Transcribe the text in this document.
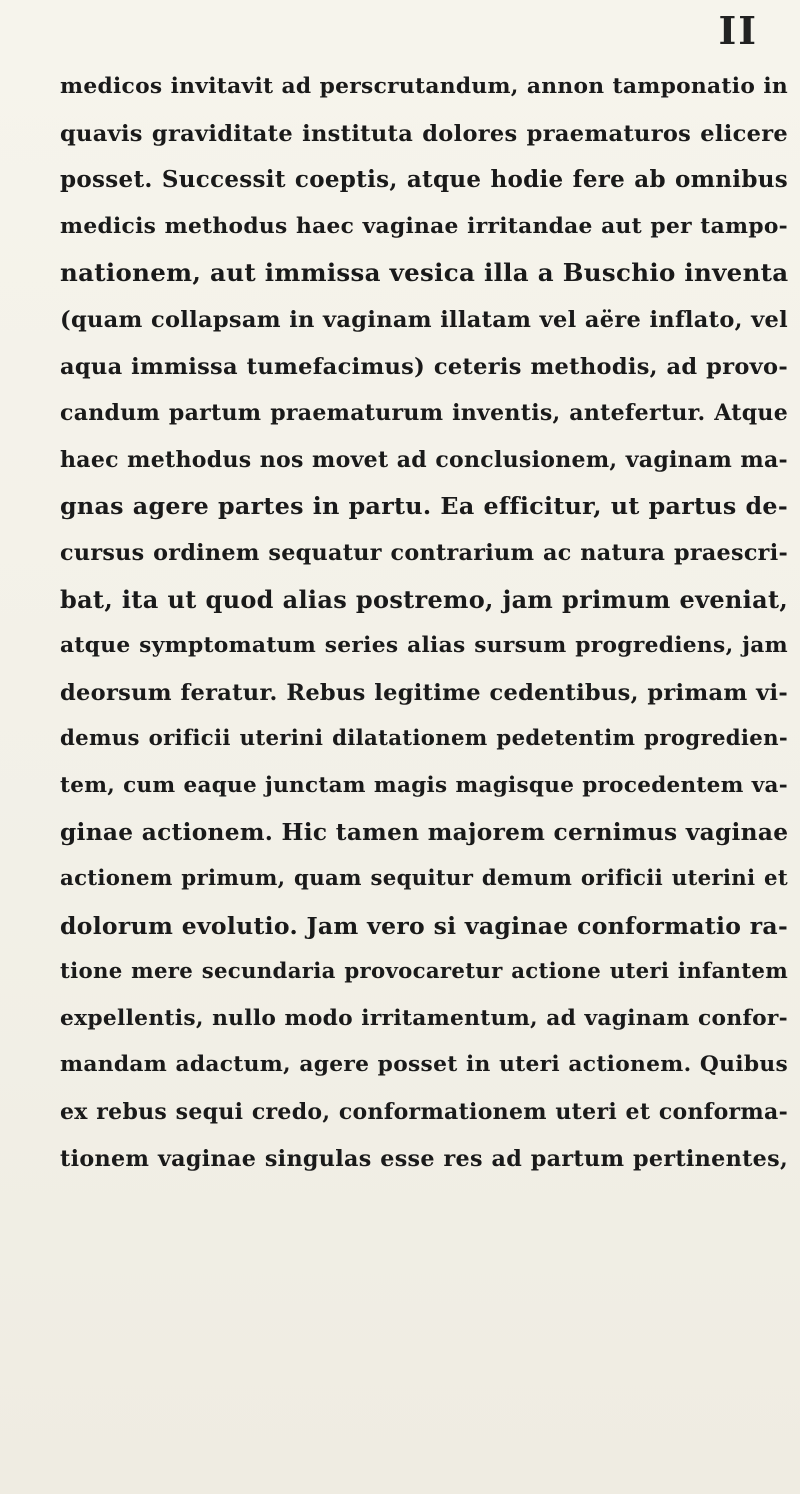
II
medicos invitavit ad perscrutandum, annon tamponatio in
quavis graviditate instituta dolores praematuros elicere
posset. Successit coeptis, atque hodie fere ab omnibus
medicis methodus haec vaginae irritandae aut per tampo-
nationem, aut immissa vesica illa a Buschio inventa
(quam collapsam in vaginam illatam vel aëre inflato, vel
aqua immissa tumefacimus) ceteris methodis, ad provo-
candum partum praematurum inventis, antefertur. Atque
haec methodus nos movet ad conclusionem, vaginam ma-
gnas agere partes in partu. Ea efficitur, ut partus de-
cursus ordinem sequatur contrarium ac natura praescri-
bat, ita ut quod alias postremo, jam primum eveniat,
atque symptomatum series alias sursum progrediens, jam
deorsum feratur. Rebus legitime cedentibus, primam vi-
demus orificii uterini dilatationem pedetentim progredien-
tem, cum eaque junctam magis magisque procedentem va-
ginae actionem. Hic tamen majorem cernimus vaginae
actionem primum, quam sequitur demum orificii uterini et
dolorum evolutio. Jam vero si vaginae conformatio ra-
tione mere secundaria provocaretur actione uteri infantem
expellentis, nullo modo irritamentum, ad vaginam confor-
mandam adactum, agere posset in uteri actionem. Quibus
ex rebus sequi credo, conformationem uteri et conforma-
tionem vaginae singulas esse res ad partum pertinentes,
